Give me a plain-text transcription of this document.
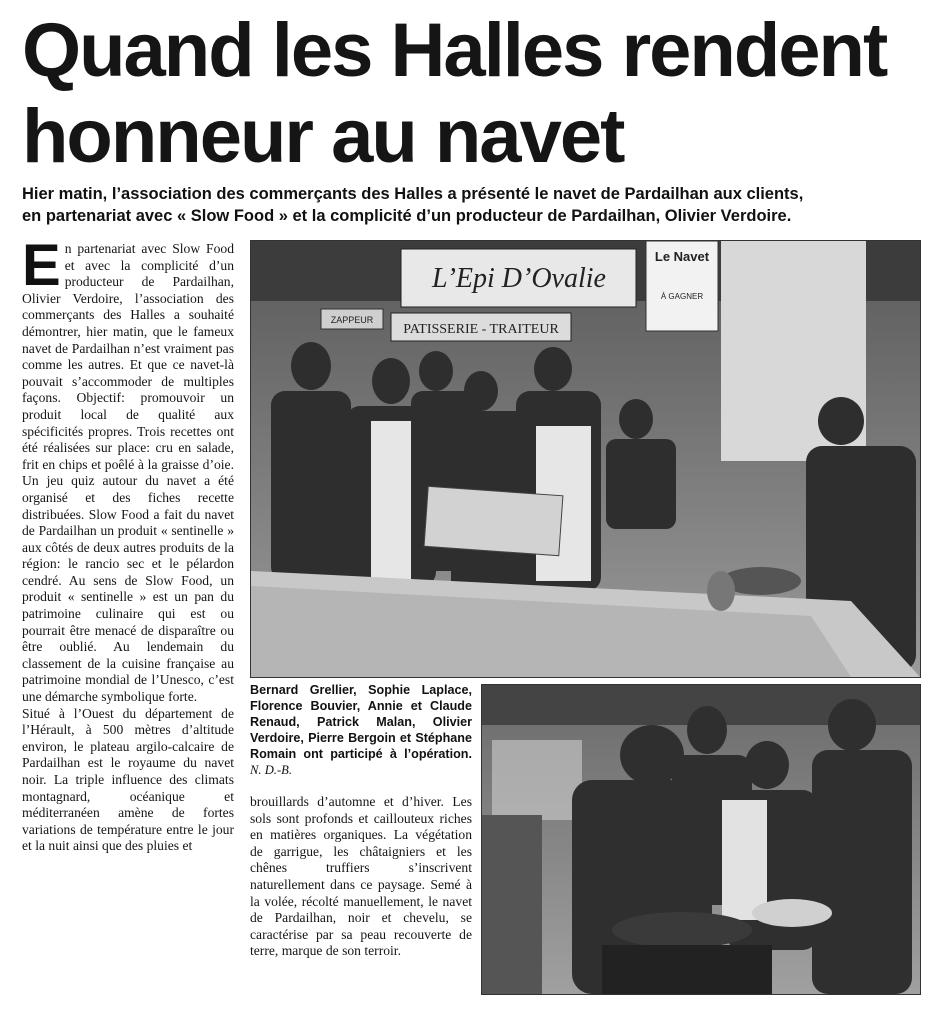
Quand les Halles rendent
honneur au navet
Hier matin, l’association des commerçants des Halles a présenté le navet de Pardailhan aux clients,
en partenariat avec « Slow Food » et la complicité d’un producteur de Pardailhan, Olivier Verdoire.
E n partenariat avec Slow Food et avec la complicité d’un producteur de Pardailhan, Olivier Verdoire, l’association des commerçants des Halles a souhaité démontrer, hier matin, que le fameux navet de Pardailhan n’est vraiment pas comme les autres. Et que ce navet-là pouvait s’accommoder de multiples façons. Objectif: promouvoir un produit local de qualité aux spécificités propres. Trois recettes ont été réalisées sur place: cru en salade, frit en chips et poêlé à la graisse d’oie. Un jeu quiz autour du navet a été organisé et des fiches recette distribuées. Slow Food a fait du navet de Pardailhan un produit « sentinelle » aux côtés de deux autres produits de la région: le rancio sec et le pélardon cendré. Au sens de Slow Food, un produit « sentinelle » est un pan du patrimoine culinaire qui est ou pourrait être menacé de disparaître ou être oublié. Au lendemain du classement de la cuisine française au patrimoine mondial de l’Unesco, c’est une démarche symbolique forte.

Situé à l’Ouest du département de l’Hérault, à 500 mètres d’altitude environ, le plateau argilo-calcaire de Pardailhan est le royaume du navet noir. La triple influence des climats montagnard, océanique et méditerranéen amène de fortes variations de température entre le jour et la nuit ainsi que des pluies et

L’Epi D’Ovalie
PATISSERIE - TRAITEUR
Le Navet
À GAGNER
ZAPPEUR
Bernard Grellier, Sophie Laplace, Florence Bouvier, Annie et Claude Renaud, Patrick Malan, Olivier Verdoire, Pierre Bergoin et Stéphane Romain ont participé à l’opération. N. D.-B.

brouillards d’automne et d’hiver. Les sols sont profonds et caillouteux riches en matières organiques. La végétation de garrigue, les châtaigniers et les chênes truffiers s’inscrivent naturellement dans ce paysage. Semé à la volée, récolté manuellement, le navet de Pardailhan, noir et chevelu, se caractérise par sa peau recouverte de terre, marque de son terroir.
